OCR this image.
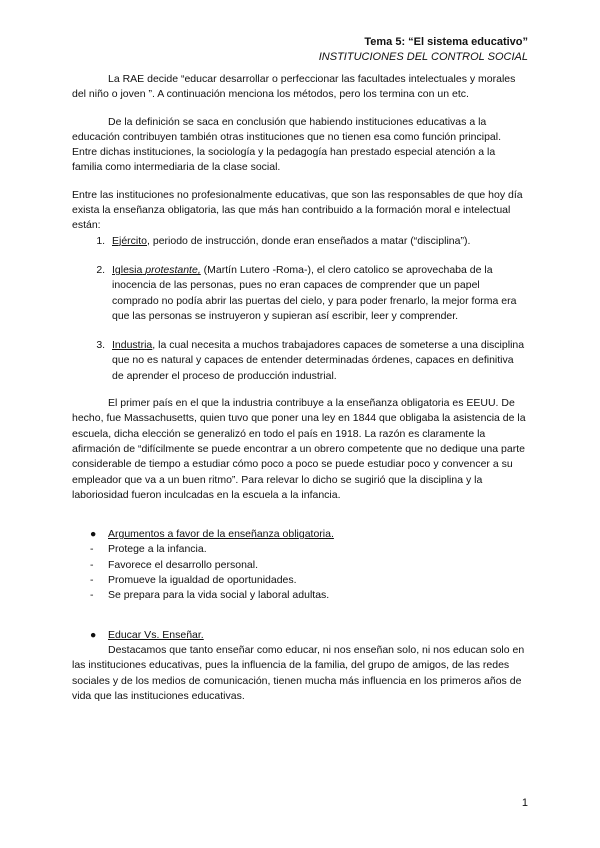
Tema 5: “El sistema educativo”
INSTITUCIONES DEL CONTROL SOCIAL

La RAE decide “educar desarrollar o perfeccionar las facultades intelectuales y morales del niño o joven ”. A continuación menciona los métodos, pero los termina con un etc.

De la definición se saca en conclusión que habiendo instituciones educativas a la educación contribuyen también otras instituciones que no tienen esa como función principal. Entre dichas instituciones, la sociología y la pedagogía han prestado especial atención a la familia como intermediaria de la clase social.

Entre las instituciones no profesionalmente educativas, que son las responsables de que hoy día exista la enseñanza obligatoria, las que más han contribuido a la formación moral e intelectual están:

1. Ejército, periodo de instrucción, donde eran enseñados a matar (“disciplina”).
2. Iglesia protestante, (Martín Lutero -Roma-), el clero catolico se aprovechaba de la inocencia de las personas, pues no eran capaces de comprender que un papel comprado no podía abrir las puertas del cielo, y para poder frenarlo, la mejor forma era que las personas se instruyeron y supieran así escribir, leer y comprender.
3. Industria, la cual necesita a muchos trabajadores capaces de someterse a una disciplina que no es natural y capaces de entender determinadas órdenes, capaces en definitiva de aprender el proceso de producción industrial.

El primer país en el que la industria contribuye a la enseñanza obligatoria es EEUU. De hecho, fue Massachusetts, quien tuvo que poner una ley en 1844 que obligaba la asistencia de la escuela, dicha elección se generalizó en todo el país en 1918. La razón es claramente la afirmación de “difícilmente se puede encontrar a un obrero competente que no dedique una parte considerable de tiempo a estudiar cómo poco a poco se puede estudiar poco y convencer a su empleador que va a un buen ritmo”. Para relevar lo dicho se sugirió que la disciplina y la laboriosidad fueron inculcadas en la escuela a la infancia.

●	Argumentos a favor de la enseñanza obligatoria.
-	Protege a la infancia.
-	Favorece el desarrollo personal.
-	Promueve la igualdad de oportunidades.
-	Se prepara para la vida social y laboral adultas.
●	Educar Vs. Enseñar.

Destacamos que tanto enseñar como educar, ni nos enseñan solo, ni nos educan solo en las instituciones educativas, pues la influencia de la familia, del grupo de amigos, de las redes sociales y de los medios de comunicación, tienen mucha más influencia en los primeros años de vida que las instituciones educativas.

1
